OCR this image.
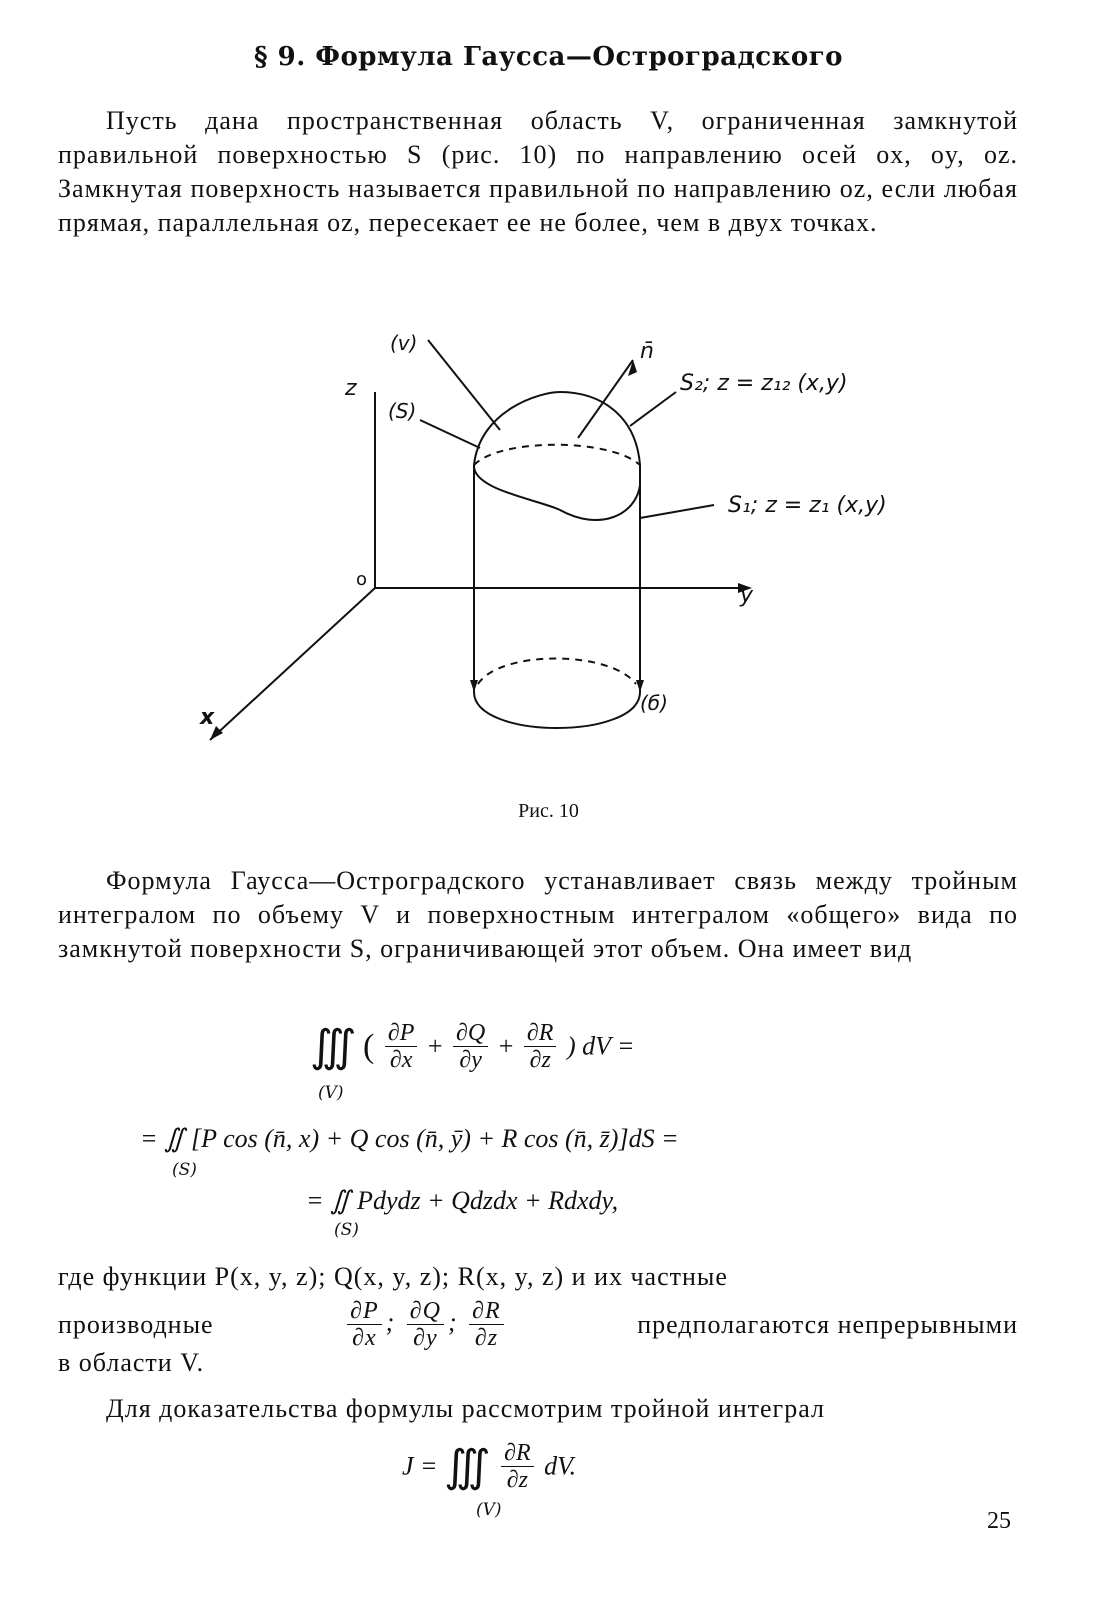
§ 9. Формула Гаусса—Остроградского
Пусть дана пространственная область V, ограниченная замкнутой правильной поверхностью S (рис. 10) по направлению осей ox, oy, oz. Замкнутая поверхность называется правильной по направлению oz, если любая прямая, параллельная oz, пересекает ее не более, чем в двух точках.
(v)	n̄
z
(S)
S₂; z = z₁₂ (x,y)
S₁; z = z₁ (x,y)
o
y
x
(б)
Рис. 10
Формула Гаусса—Остроградского устанавливает связь между тройным интегралом по объему V и поверхностным интегралом «общего» вида по замкнутой поверхности S, ограничивающей этот объем. Она имеет вид
∭ ( $\frac{\partial P}{\partial x} + \frac{\partial Q}{\partial y} + \frac{\partial R}{\partial z}$ ) dV =
(V)
= ∬ [P cos (n̄, x) + Q cos (n̄, ȳ) + R cos (n̄, z̄)]dS =
(S)
= ∬ Pdydz + Qdzdx + Rdxdy,
(S)
где функции P(x, y, z); Q(x, y, z); R(x, y, z) и их частные
производные	$\frac{\partial P}{\partial x}$ ; $\frac{\partial Q}{\partial y}$ ; $\frac{\partial R}{\partial z}$	предполагаются непрерывными
в области V.
Для доказательства формулы рассмотрим тройной интеграл
J = ∭ $\frac{\partial R}{\partial z}$ dV.
(V)	25
